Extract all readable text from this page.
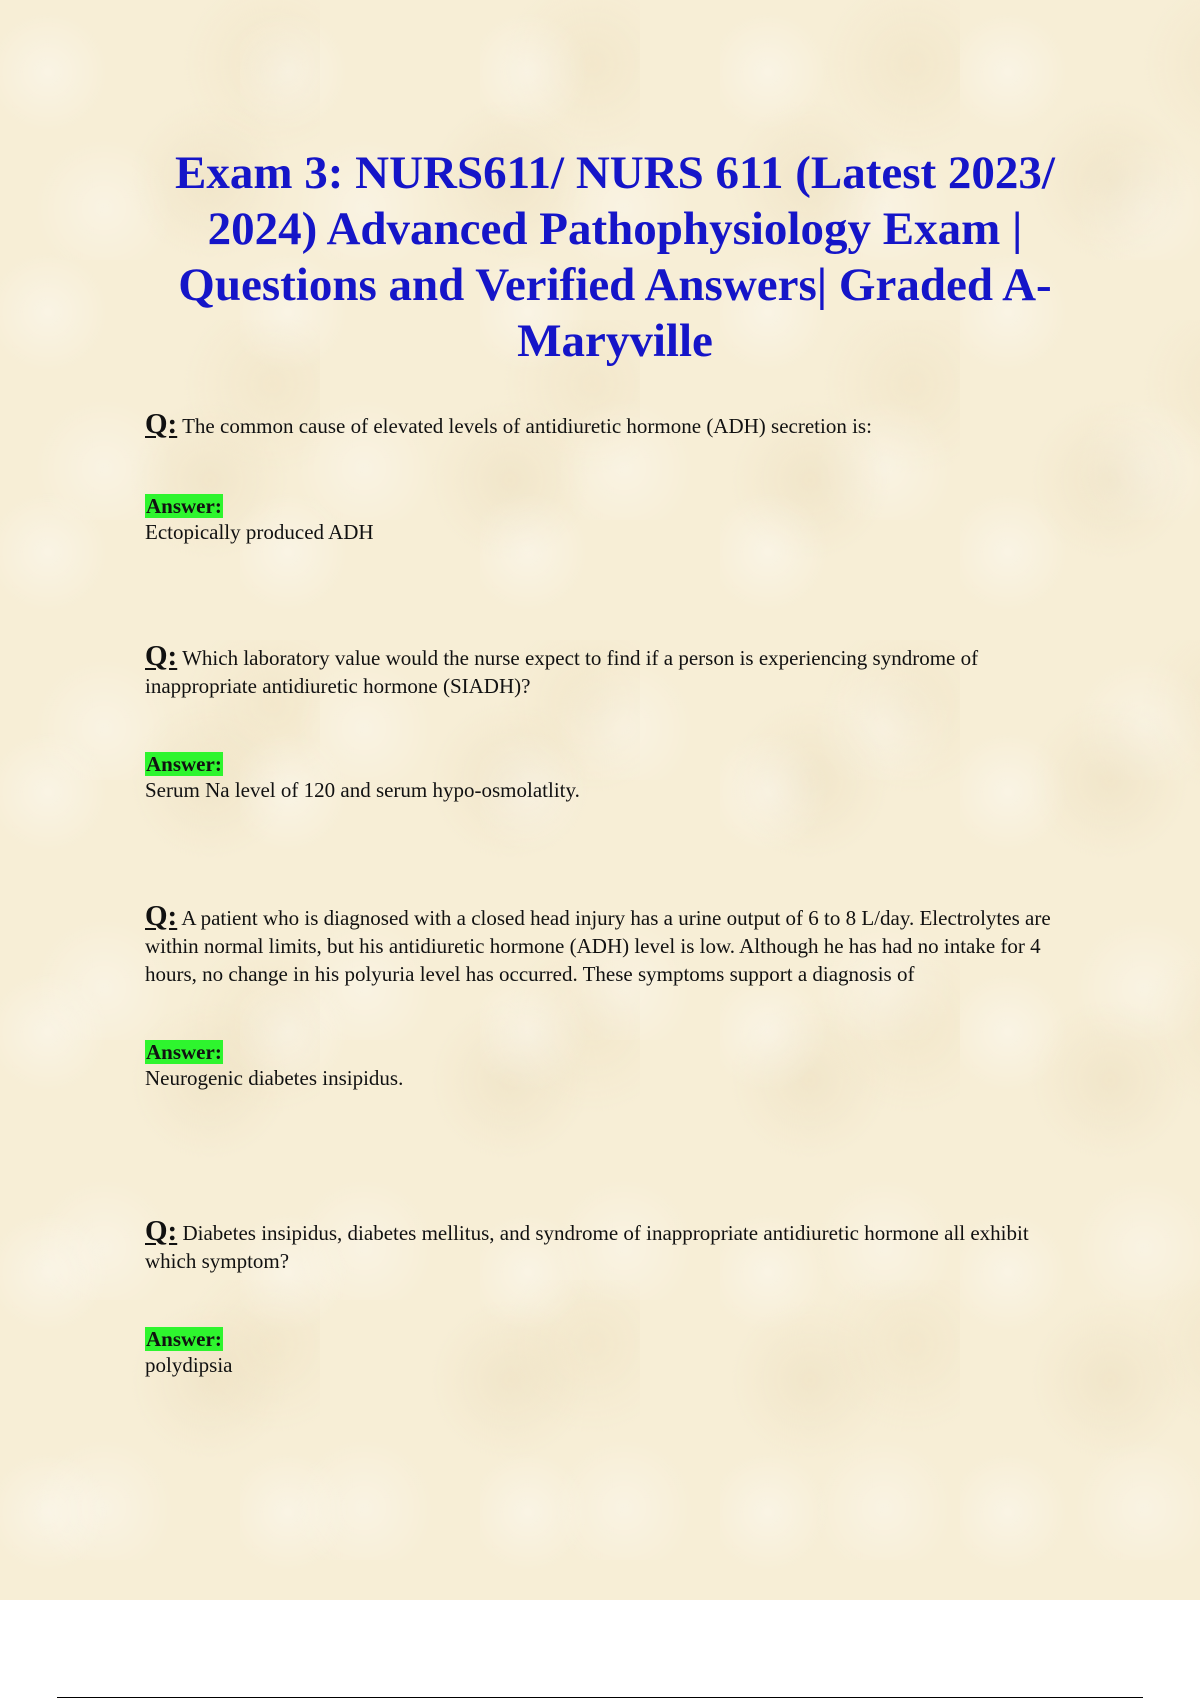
Exam 3: NURS611/ NURS 611 (Latest 2023/
2024) Advanced Pathophysiology Exam |
Questions and Verified Answers| Graded A-
Maryville

Q: The common cause of elevated levels of antidiuretic hormone (ADH) secretion is:

Answer:

Ectopically produced ADH

Q: Which laboratory value would the nurse expect to find if a person is experiencing syndrome of inappropriate antidiuretic hormone (SIADH)?

Answer:

Serum Na level of 120 and serum hypo-osmolatlity.

Q: A patient who is diagnosed with a closed head injury has a urine output of 6 to 8 L/day. Electrolytes are within normal limits, but his antidiuretic hormone (ADH) level is low. Although he has had no intake for 4 hours, no change in his polyuria level has occurred. These symptoms support a diagnosis of

Answer:

Neurogenic diabetes insipidus.

Q: Diabetes insipidus, diabetes mellitus, and syndrome of inappropriate antidiuretic hormone all exhibit which symptom?

Answer:

polydipsia
